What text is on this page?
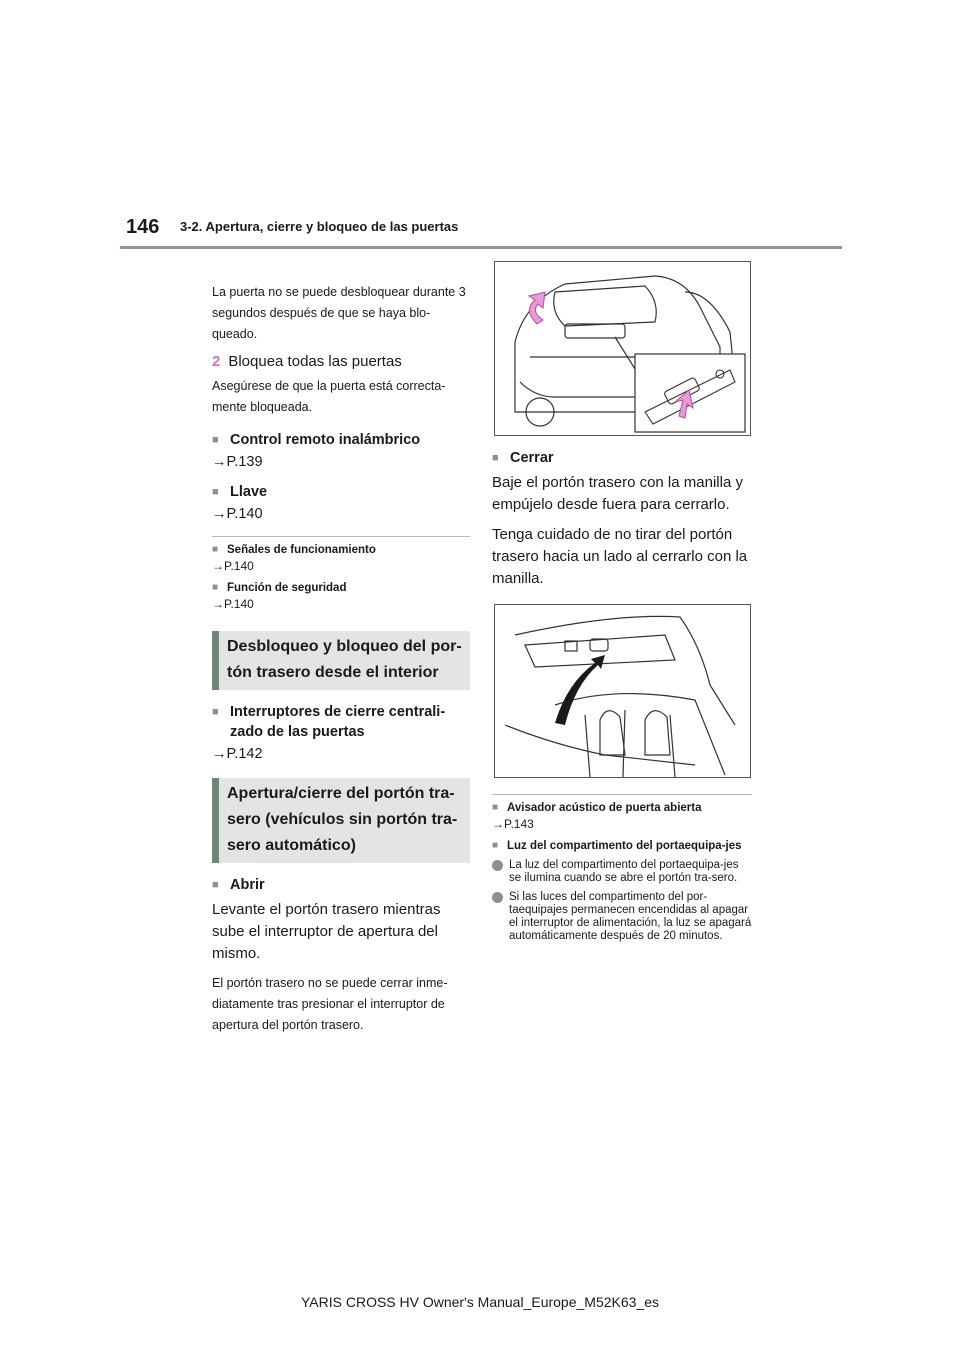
146 3-2. Apertura, cierre y bloqueo de las puertas

La puerta no se puede desbloquear durante 3 segundos después de que se haya blo-queado.

2 Bloquea todas las puertas

Asegúrese de que la puerta está correcta-mente bloqueada.

■ Control remoto inalámbrico

→P.139

■ Llave

→P.140

■ Señales de funcionamiento

→P.140

■ Función de seguridad

→P.140

Desbloqueo y bloqueo del por-tón trasero desde el interior
■ Interruptores de cierre centrali-zado de las puertas

→P.142

Apertura/cierre del portón tra-sero (vehículos sin portón tra-sero automático)
■ Abrir

Levante el portón trasero mientras sube el interruptor de apertura del mismo.

El portón trasero no se puede cerrar inme-diatamente tras presionar el interruptor de apertura del portón trasero.

■ Cerrar

Baje el portón trasero con la manilla y empújelo desde fuera para cerrarlo.

Tenga cuidado de no tirar del portón trasero hacia un lado al cerrarlo con la manilla.

■ Avisador acústico de puerta abierta

→P.143

■ Luz del compartimento del portaequipa-jes
La luz del compartimento del portaequipa-jes se ilumina cuando se abre el portón tra-sero.
Si las luces del compartimento del por-taequipajes permanecen encendidas al apagar el interruptor de alimentación, la luz se apagará automáticamente después de 20 minutos.
YARIS CROSS HV Owner's Manual_Europe_M52K63_es
